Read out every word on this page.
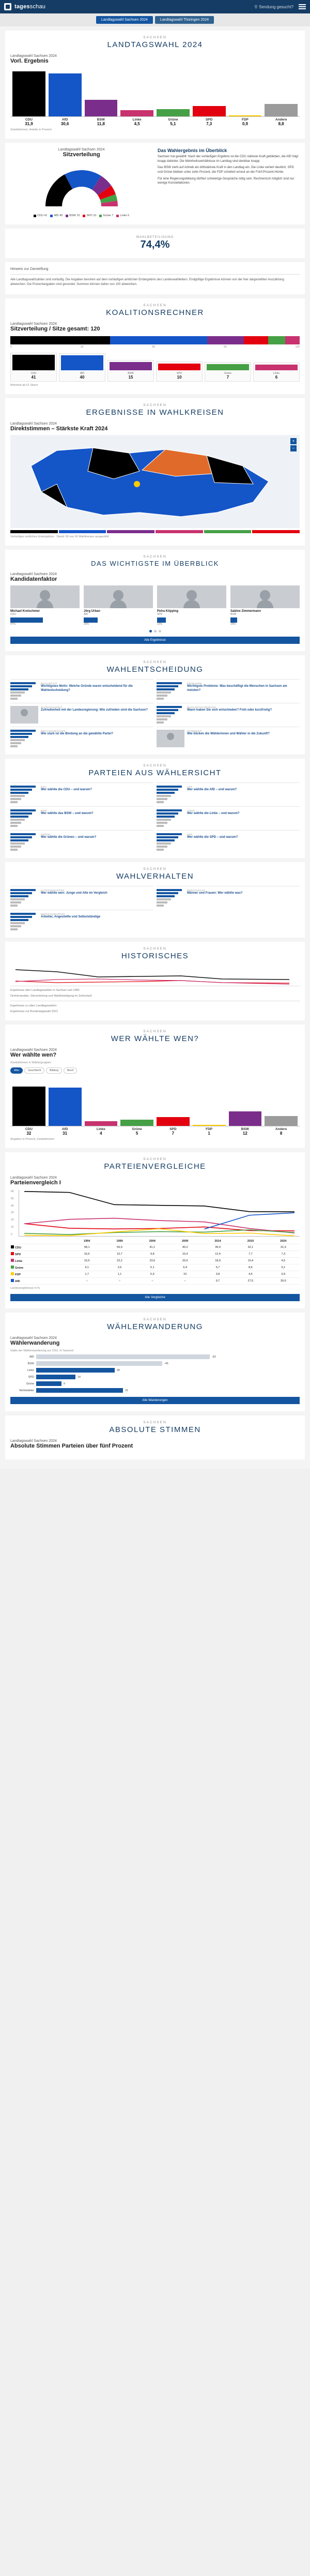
tagesschau	⚲ Sendung gesucht?
Landtagswahl Sachsen 2024	Landtagswahl Thüringen 2024
SACHSEN
LANDTAGSWAHL 2024
Landtagswahl Sachsen 2024
Vorl. Ergebnis
CDU
31,9
AfD
30,6
BSW
11,8
Linke
4,5
Grüne
5,1
SPD
7,3
FDP
0,9
Andere
8,8
Zweitstimmen, Anteile in Prozent
Landtagswahl Sachsen 2024
Sitzverteilung
CDU 41	AfD 40	BSW 15	SPD 10	Grüne 7	Linke 6
Das Wahlergebnis im Überblick

Sachsen hat gewählt: Nach der vorläufigen Ergebnis ist die CDU stärkste Kraft geblieben, die AfD folgt knapp dahinter. Die Mehrheitsverhältnisse im Landtag sind denkbar knapp.

Das BSW zieht auf Anhieb als drittstärkste Kraft in den Landtag ein. Die Linke verliert deutlich, SPD und Grüne bleiben unter zehn Prozent, die FDP scheitert erneut an der Fünf-Prozent-Hürde.

Für eine Regierungsbildung dürften schwierige Gespräche nötig sein. Rechnerisch möglich sind nur wenige Konstellationen.

WAHLBETEILIGUNG
74,4%
Hinweis zur Darstellung
Alle Landtagswahlzahlen sind vorläufig. Die Angaben beruhen auf dem vorläufigen amtlichen Endergebnis des Landeswahlleiters. Endgültige Ergebnisse können von der hier dargestellten Auszählung abweichen. Die Prozentangaben sind gerundet; Summen können daher von 100 abweichen.
SACHSEN
KOALITIONSRECHNER
Landtagswahl Sachsen 2024
Sitzverteilung / Sitze gesamt: 120
0	30	60	90	120
CDU
41
AfD
40
BSW
15
SPD
10
Grüne
7
Linke
6
Mehrheit ab 61 Sitzen
SACHSEN
ERGEBNISSE IN WAHLKREISEN
Landtagswahl Sachsen 2024
Direktstimmen – Stärkste Kraft 2024
+
−
Vorläufiges amtliches Endergebnis · Stand: 60 von 60 Wahlkreisen ausgezählt
SACHSEN
DAS WICHTIGSTE IM ÜBERBLICK
Landtagswahl Sachsen 2024
Kandidatenfaktor
Michael Kretschmer
CDU
47%
Jörg Urban
AfD
20%
Petra Köpping
SPD
13%
Sabine Zimmermann
BSW
10%
Alle Ergebnisse
SACHSEN
WAHLENTSCHEIDUNG
WAHLMOTIV
Wichtigstes Motiv: Welche Gründe waren entscheidend für die Wahlentscheidung?
PROBLEME
Wichtigste Probleme: Was beschäftigt die Menschen in Sachsen am meisten?
ZUFRIEDENHEIT
Zufriedenheit mit der Landesregierung: Wie zufrieden sind die Sachsen?
WAHLENTSCHEIDUNG
Wann haben Sie sich entschieden? Früh oder kurzfristig?
WECHSELWÄHLER
Wie stark ist die Bindung an die gewählte Partei?
STIMMUNG
Wie blicken die Wählerinnen und Wähler in die Zukunft?
SACHSEN
PARTEIEN AUS WÄHLERSICHT
CDU
Wer wählte die CDU – und warum?
AFD
Wer wählte die AfD – und warum?
BSW
Wer wählte das BSW – und warum?
LINKE
Wer wählte die Linke – und warum?
GRÜNE
Wer wählte die Grünen – und warum?
SPD
Wer wählte die SPD – und warum?
SACHSEN
WAHLVERHALTEN
ALTERSGRUPPEN
Wer wählte wen: Junge und Alte im Vergleich
GESCHLECHT
Männer und Frauen: Wer wählte was?
BERUFSGRUPPEN
Arbeiter, Angestellte und Selbstständige
SACHSEN
HISTORISCHES
Ergebnisse aller Landtagswahlen in Sachsen seit 1990
Direktmandate, Sitzverteilung und Wahlbeteiligung im Zeitverlauf
Ergebnisse zu allen Landtagswahlen
Ergebnisse zur Bundestagswahl 2021
SACHSEN
WER WÄHLTE WEN?
Landtagswahl Sachsen 2024
Wer wählte wen?
Zweitstimmen in Wählergruppen
Alter	Geschlecht	Bildung	Beruf
CDU
32
AfD
31
Linke
4
Grüne
5
SPD
7
FDP
1
BSW
12
Andere
8
Angaben in Prozent, Zweitstimmen
SACHSEN
PARTEIENVERGLEICHE
Landtagswahl Sachsen 2024
Parteienvergleich I
60
50
40
30
20
10
0
	1994	1999	2004	2009	2014	2019	2024
CDU	58,1	56,9	41,1	40,2	39,4	32,1	31,9
SPD	16,6	10,7	9,8	10,4	12,4	7,7	7,3
Linke	16,5	22,2	23,6	20,6	18,9	10,4	4,5
Grüne	4,1	2,6	5,1	6,4	5,7	8,6	5,1
FDP	1,7	1,1	5,9	10	3,8	4,5	0,9
AfD	–	–	–	–	9,7	27,5	30,6
Landesergebnisse in %
Alle Vergleiche
SACHSEN
WÄHLERWANDERUNG
Landtagswahl Sachsen 2024
Wählerwanderung
Saldo der Wählerwanderung zur CDU, in Tausend
AfD	-62
BSW	-45
Linke	28
SPD	14
Grüne	9
Nichtwähler	31
Alle Wanderungen
SACHSEN
ABSOLUTE STIMMEN
Landtagswahl Sachsen 2024
Absolute Stimmen Parteien über fünf Prozent
